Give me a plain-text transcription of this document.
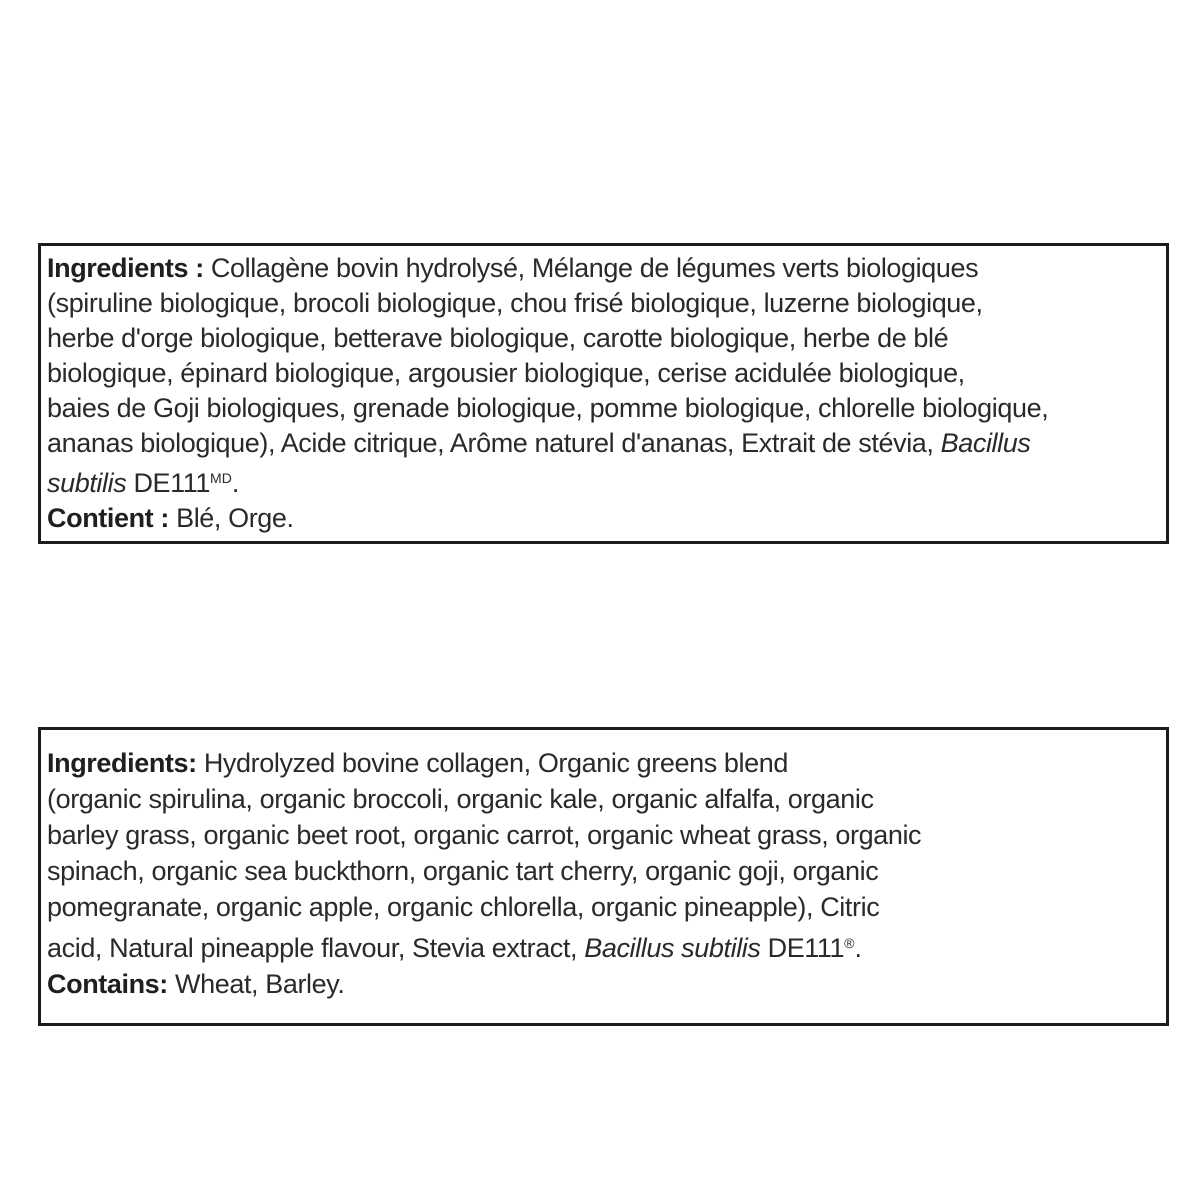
Ingredients : Collagène bovin hydrolysé, Mélange de légumes verts biologiques
(spiruline biologique, brocoli biologique, chou frisé biologique, luzerne biologique,
herbe d'orge biologique, betterave biologique, carotte biologique, herbe de blé
biologique, épinard biologique, argousier biologique, cerise acidulée biologique,
baies de Goji biologiques, grenade biologique, pomme biologique, chlorelle biologique,
ananas biologique), Acide citrique, Arôme naturel d'ananas, Extrait de stévia, Bacillus
subtilis $DE111^{MD}$.
Contient : Blé, Orge.
Ingredients: Hydrolyzed bovine collagen, Organic greens blend
(organic spirulina, organic broccoli, organic kale, organic alfalfa, organic
barley grass, organic beet root, organic carrot, organic wheat grass, organic
spinach, organic sea buckthorn, organic tart cherry, organic goji, organic
pomegranate, organic apple, organic chlorella, organic pineapple), Citric
acid, Natural pineapple flavour, Stevia extract, Bacillus subtilis DE111®.
Contains: Wheat, Barley.
